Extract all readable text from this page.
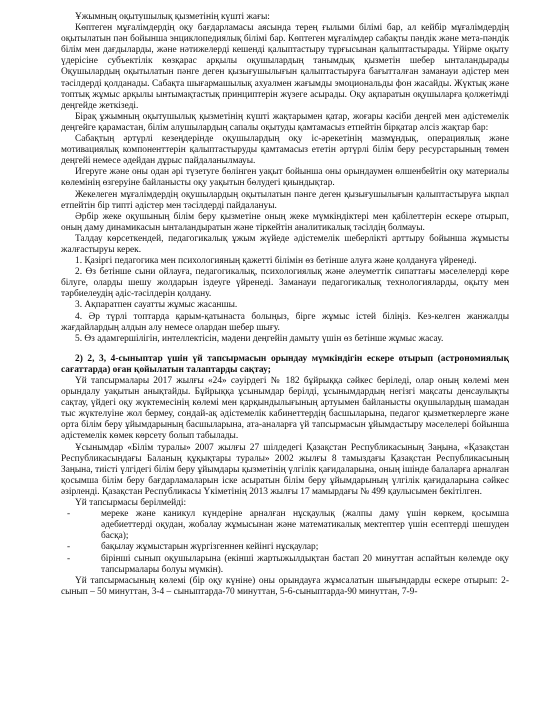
Ұжымның оқытушылық қызметінің күшті жағы:

Көптеген мұғалімдердің оқу бағдарламасы аясында терең ғылыми білімі бар, ал кейбір мұғалімдердің оқытылатын пән бойынша энциклопедиялық білімі бар. Көптеген мұғалімдер сабақты пәндік және мета-пәндік білім мен дағдыларды, және нәтижелерді кешенді қалыптастыру тұрғысынан қалыптастырады. Үйірме оқыту үдерісіне субъектілік көзқарас арқылы оқушылардың танымдық қызметін шебер ынталандырады Оқушылардың оқытылатын пәнге деген қызығушылығын қалыптастыруға бағытталған заманауи әдістер мен тәсілдерді қолданады. Сабақта шығармашылық ахуалмен жағымды эмоциональды фон жасайды. Жүктық және топтық жұмыс арқылы ынтымақтастық принциптерін жүзеге асырады. Оқу ақпаратын оқушыларға қолжетімді деңгейде жеткізеді.

Бірақ ұжымның оқытушылық қызметінің күшті жақтарымен қатар, жоғары кәсіби деңгей мен әдістемелік деңгейге қарамастан, білім алушылардың сапалы оқытуды қамтамасыз етпейтін бірқатар әлсіз жақтар бар:

Сабақтың әртүрлі кезеңдерінде оқушылардың оқу іс-әрекетінің мазмұндық, операциялық және мотивациялық компоненттерін қалыптастыруды қамтамасыз ететін әртүрлі білім беру ресурстарының төмен деңгейі немесе әдейдан дұрыс пайдаланылмауы.

Игеруге және оны одан әрі түзетуге бөлінген уақыт бойынша оны орындаумен өлшенбейтін оқу материалы көлемінің өзгеруіне байланысты оқу уақытын бөлудегі қиындықтар.

Жекелеген мұғалімдердің оқушылардың оқытылатын пәнге деген қызығушылығын қалыптастыруға ықпал етпейтін бір типті әдістер мен тәсілдерді пайдалануы.

Әрбір жеке оқушының білім беру қызметіне оның жеке мүмкіндіктері мен қабілеттерін ескере отырып, оның даму динамикасын ынталандыратын және тіркейтін аналитикалық тәсілдің болмауы.

Талдау көрсеткендей, педагогикалық ұжым жүйеде әдістемелік шеберлікті арттыру бойынша жұмысты жалғастыруы керек.

1. Қазіргі педагогика мен психологияның қажетті білімін өз бетінше алуға және қолдануға үйренеді.

2. Өз бетінше сыни ойлауға, педагогикалық, психологиялық және әлеуметтік сипаттағы мәселелерді көре білуге, оларды шешу жолдарын іздеуге үйренеді. Заманауи педагогикалық технологияларды, оқыту мен тәрбиелеудің әдіс-тәсілдерін қолдану.

3. Ақпаратпен сауатты жұмыс жасаншы.

4. Әр түрлі топтарда қарым-қатынаста болыңыз, бірге жұмыс істей біліңіз. Кез-келген жанжалды жағдайлардың алдын алу немесе олардан шебер шығу.

5. Өз адамгершілігін, интеллектісін, мәдени деңгейін дамыту үшін өз бетінше жұмыс жасау.

2) 2, 3, 4-сыныптар үшін үй тапсырмасын орындау мүмкіндігін ескере отырып (астрономиялық сағаттарда) оған қойылатын талаптарды сақтау;

Үй тапсырмалары 2017 жылғы «24» сәуірдегі № 182 бұйрыққа сәйкес беріледі, олар оның көлемі мен орындалу уақытын анықтайды. Бұйрыққа ұсынымдар берілді, ұсынымдардың негізгі мақсаты денсаулықты сақтау, үйдегі оқу жүктемесінің көлемі мен қарқындылығының артуымен байланысты оқушылардың шамадан тыс жүктелуіне жол бермеу, сондай-ақ әдістемелік кабинеттердің басшыларына, педагог қызметкерлерге және орта білім беру ұйымдарының басшыларына, ата-аналарға үй тапсырмасын ұйымдастыру мәселелері бойынша әдістемелік көмек көрсету болып табылады.

Ұсынымдар «Білім туралы» 2007 жылғы 27 шілдедегі Қазақстан Республикасының Заңына, «Қазақстан Республикасындағы Баланың құқықтары туралы» 2002 жылғы 8 тамыздағы Қазақстан Республикасының Заңына, тиісті үлгідегі білім беру ұйымдары қызметінің үлгілік қағидаларына, оның ішінде балаларға арналған қосымша білім беру бағдарламаларын іске асыратын білім беру ұйымдарының үлгілік қағидаларына сәйкес әзірленді. Қазақстан Республикасы Үкіметінің 2013 жылғы 17 мамырдағы № 499 қаулысымен бекітілген.

Үй тапсырмасы берілмейді:

-	мереке және каникул күндеріне арналған нұсқаулық (жалпы даму үшін көркем, қосымша әдебиеттерді оқудан, жобалау жұмысынан және математикалық мектептер үшін есептерді шешуден басқа);
-	бақылау жұмыстарын жүргізгеннен кейінгі нұсқаулар;
-	бірінші сынып оқушыларына (екінші жартыжылдықтан бастап 20 минуттан аспайтын көлемде оқу тапсырмалары болуы мүмкін).

Үй тапсырмасының көлемі (бір оқу күніне) оны орындауға жұмсалатын шығындарды ескере отырып: 2-сынып – 50 минуттан, 3-4 – сыныптарда-70 минуттан, 5-6-сыныптарда-90 минуттан, 7-9-
